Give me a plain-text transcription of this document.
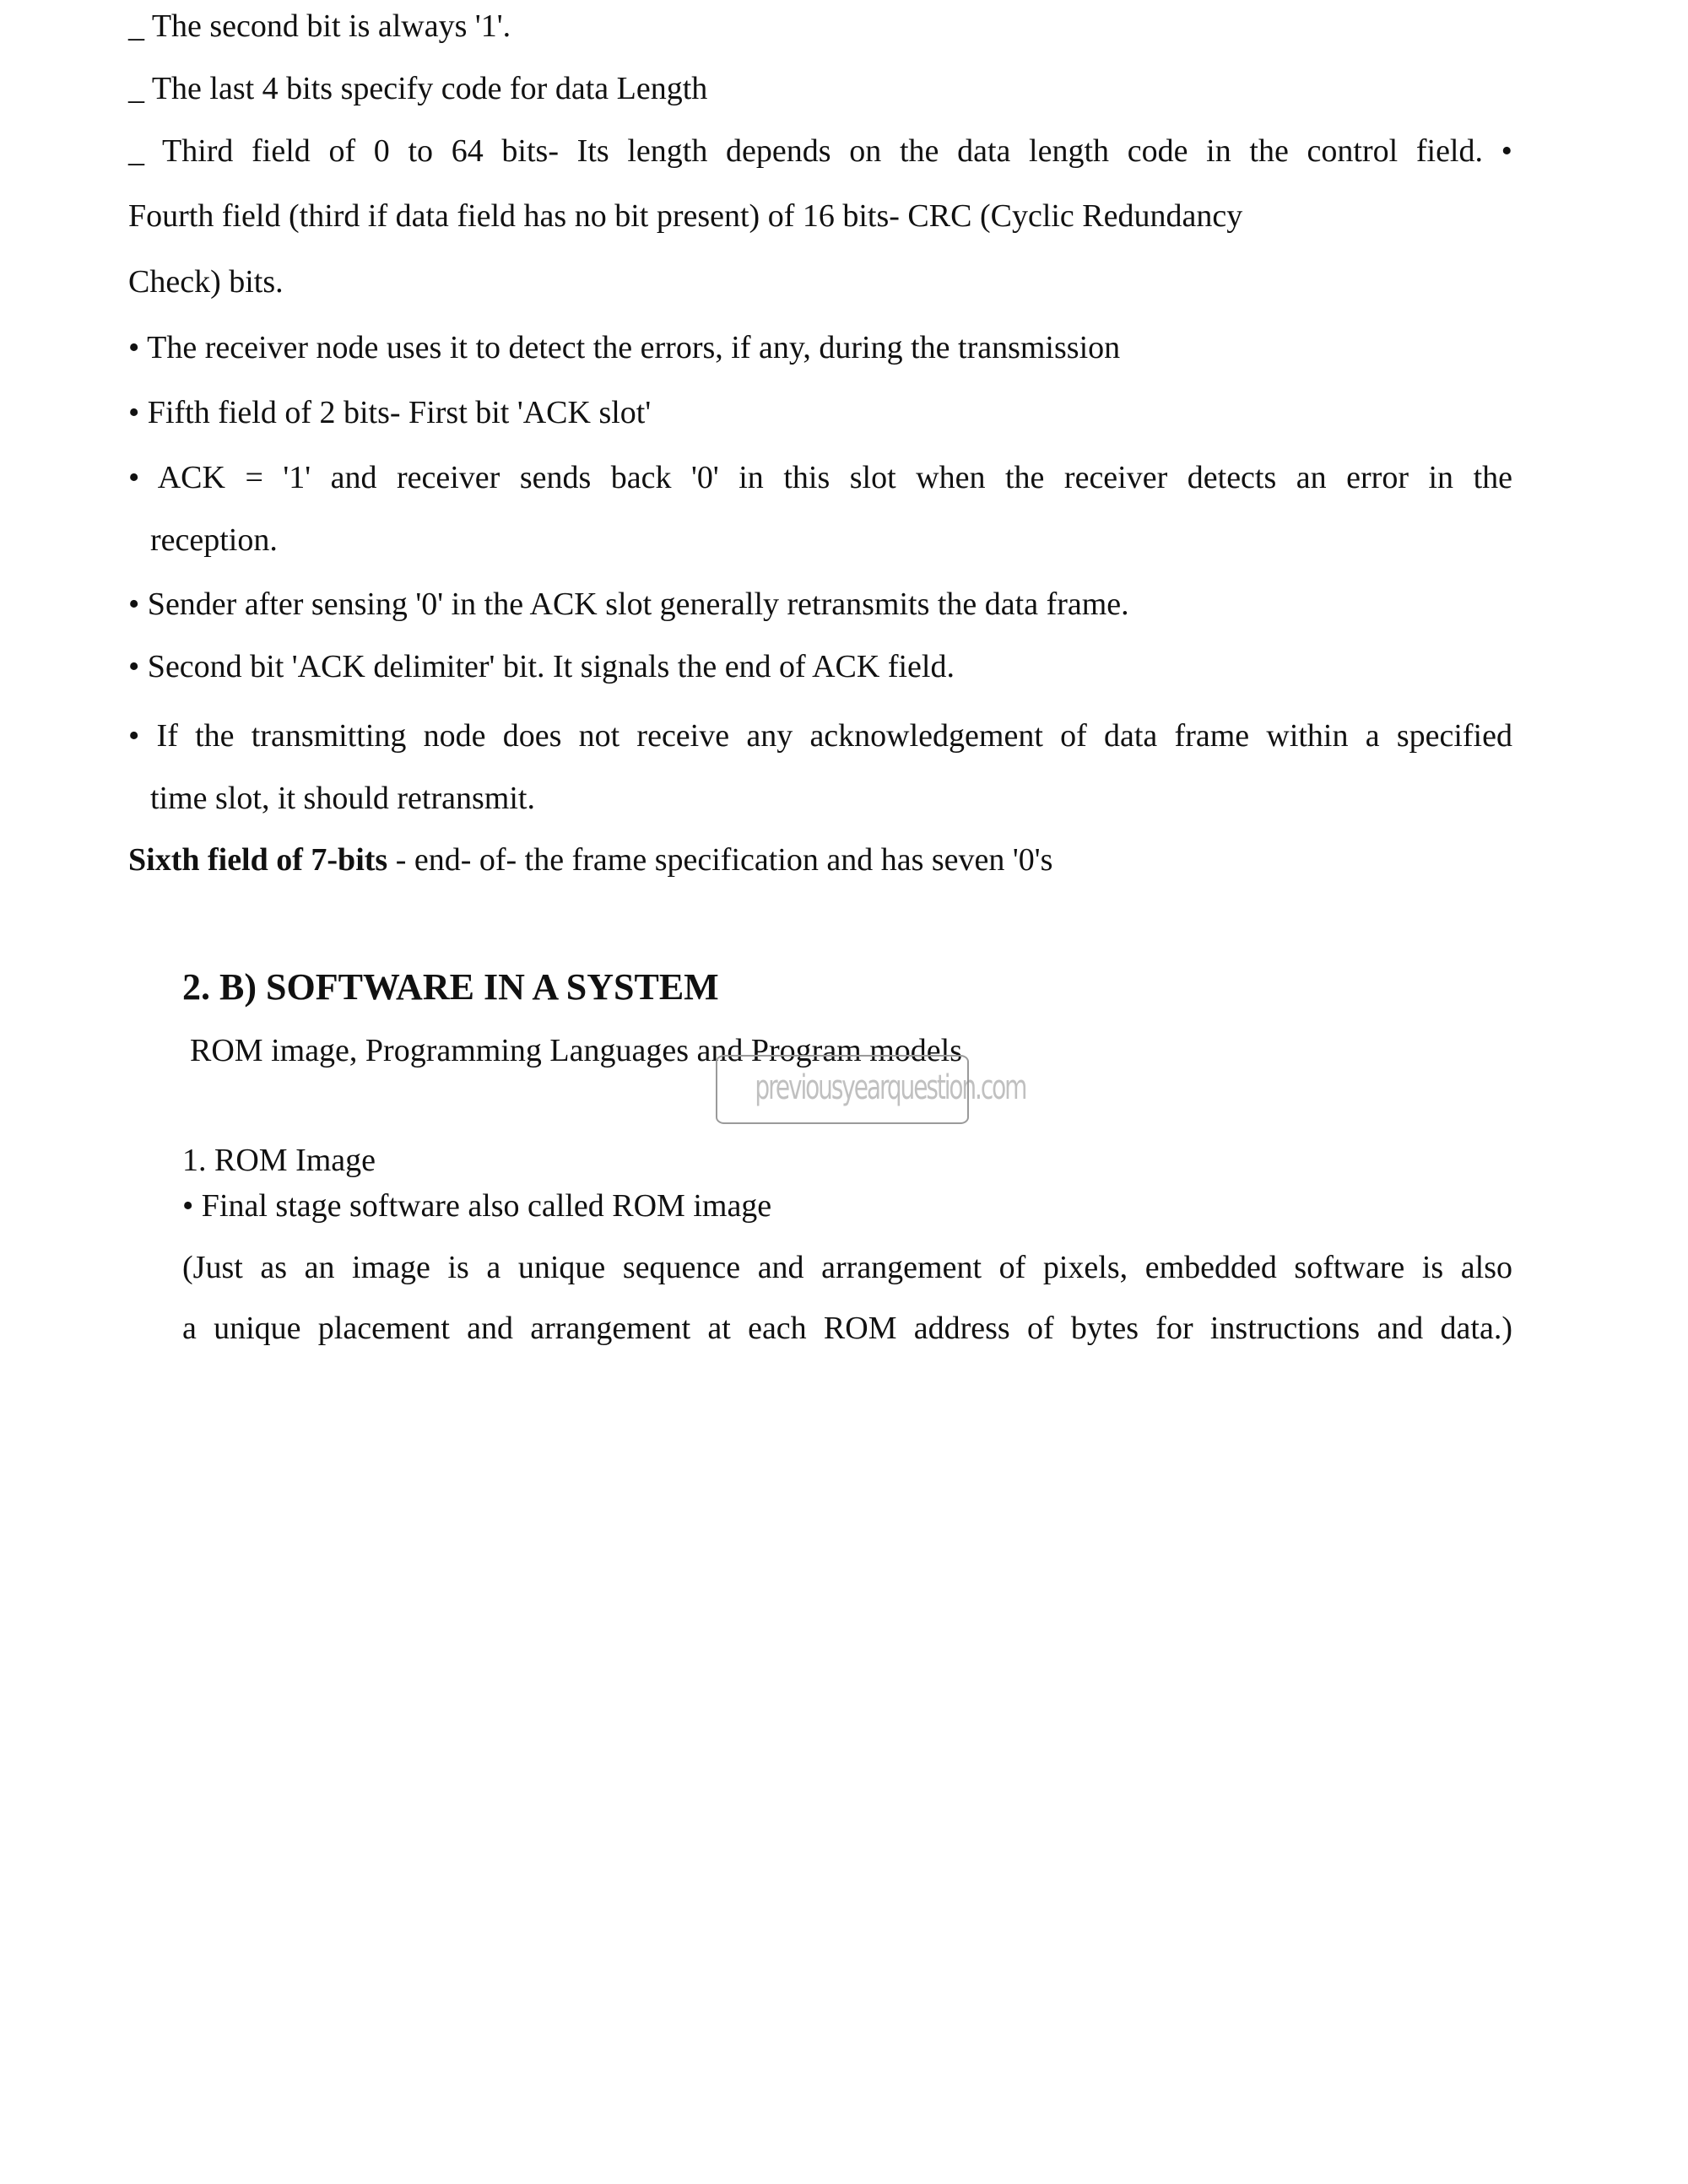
_ The second bit is always '1'.
_ The last 4 bits specify code for data Length
_ Third field of 0 to 64 bits- Its length depends on the data length code in the control field. •
Fourth field (third if data field has no bit present) of 16 bits- CRC (Cyclic Redundancy
Check) bits.
• The receiver node uses it to detect the errors, if any, during the transmission
• Fifth field of 2 bits- First bit 'ACK slot'
• ACK = '1' and receiver sends back '0' in this slot when the receiver detects an error in the
reception.
• Sender after sensing '0' in the ACK slot generally retransmits the data frame.
• Second bit 'ACK delimiter' bit. It signals the end of ACK field.
• If the transmitting node does not receive any acknowledgement of data frame within a specified
time slot, it should retransmit.
Sixth field of 7-bits - end- of- the frame specification and has seven '0's
2. B) SOFTWARE IN A SYSTEM
ROM image, Programming Languages and Program models
previousyearquestion.com
1. ROM Image
• Final stage software also called ROM image
(Just as an image is a unique sequence and arrangement of pixels, embedded software is also
a unique placement and arrangement at each ROM address of bytes for instructions and data.)
